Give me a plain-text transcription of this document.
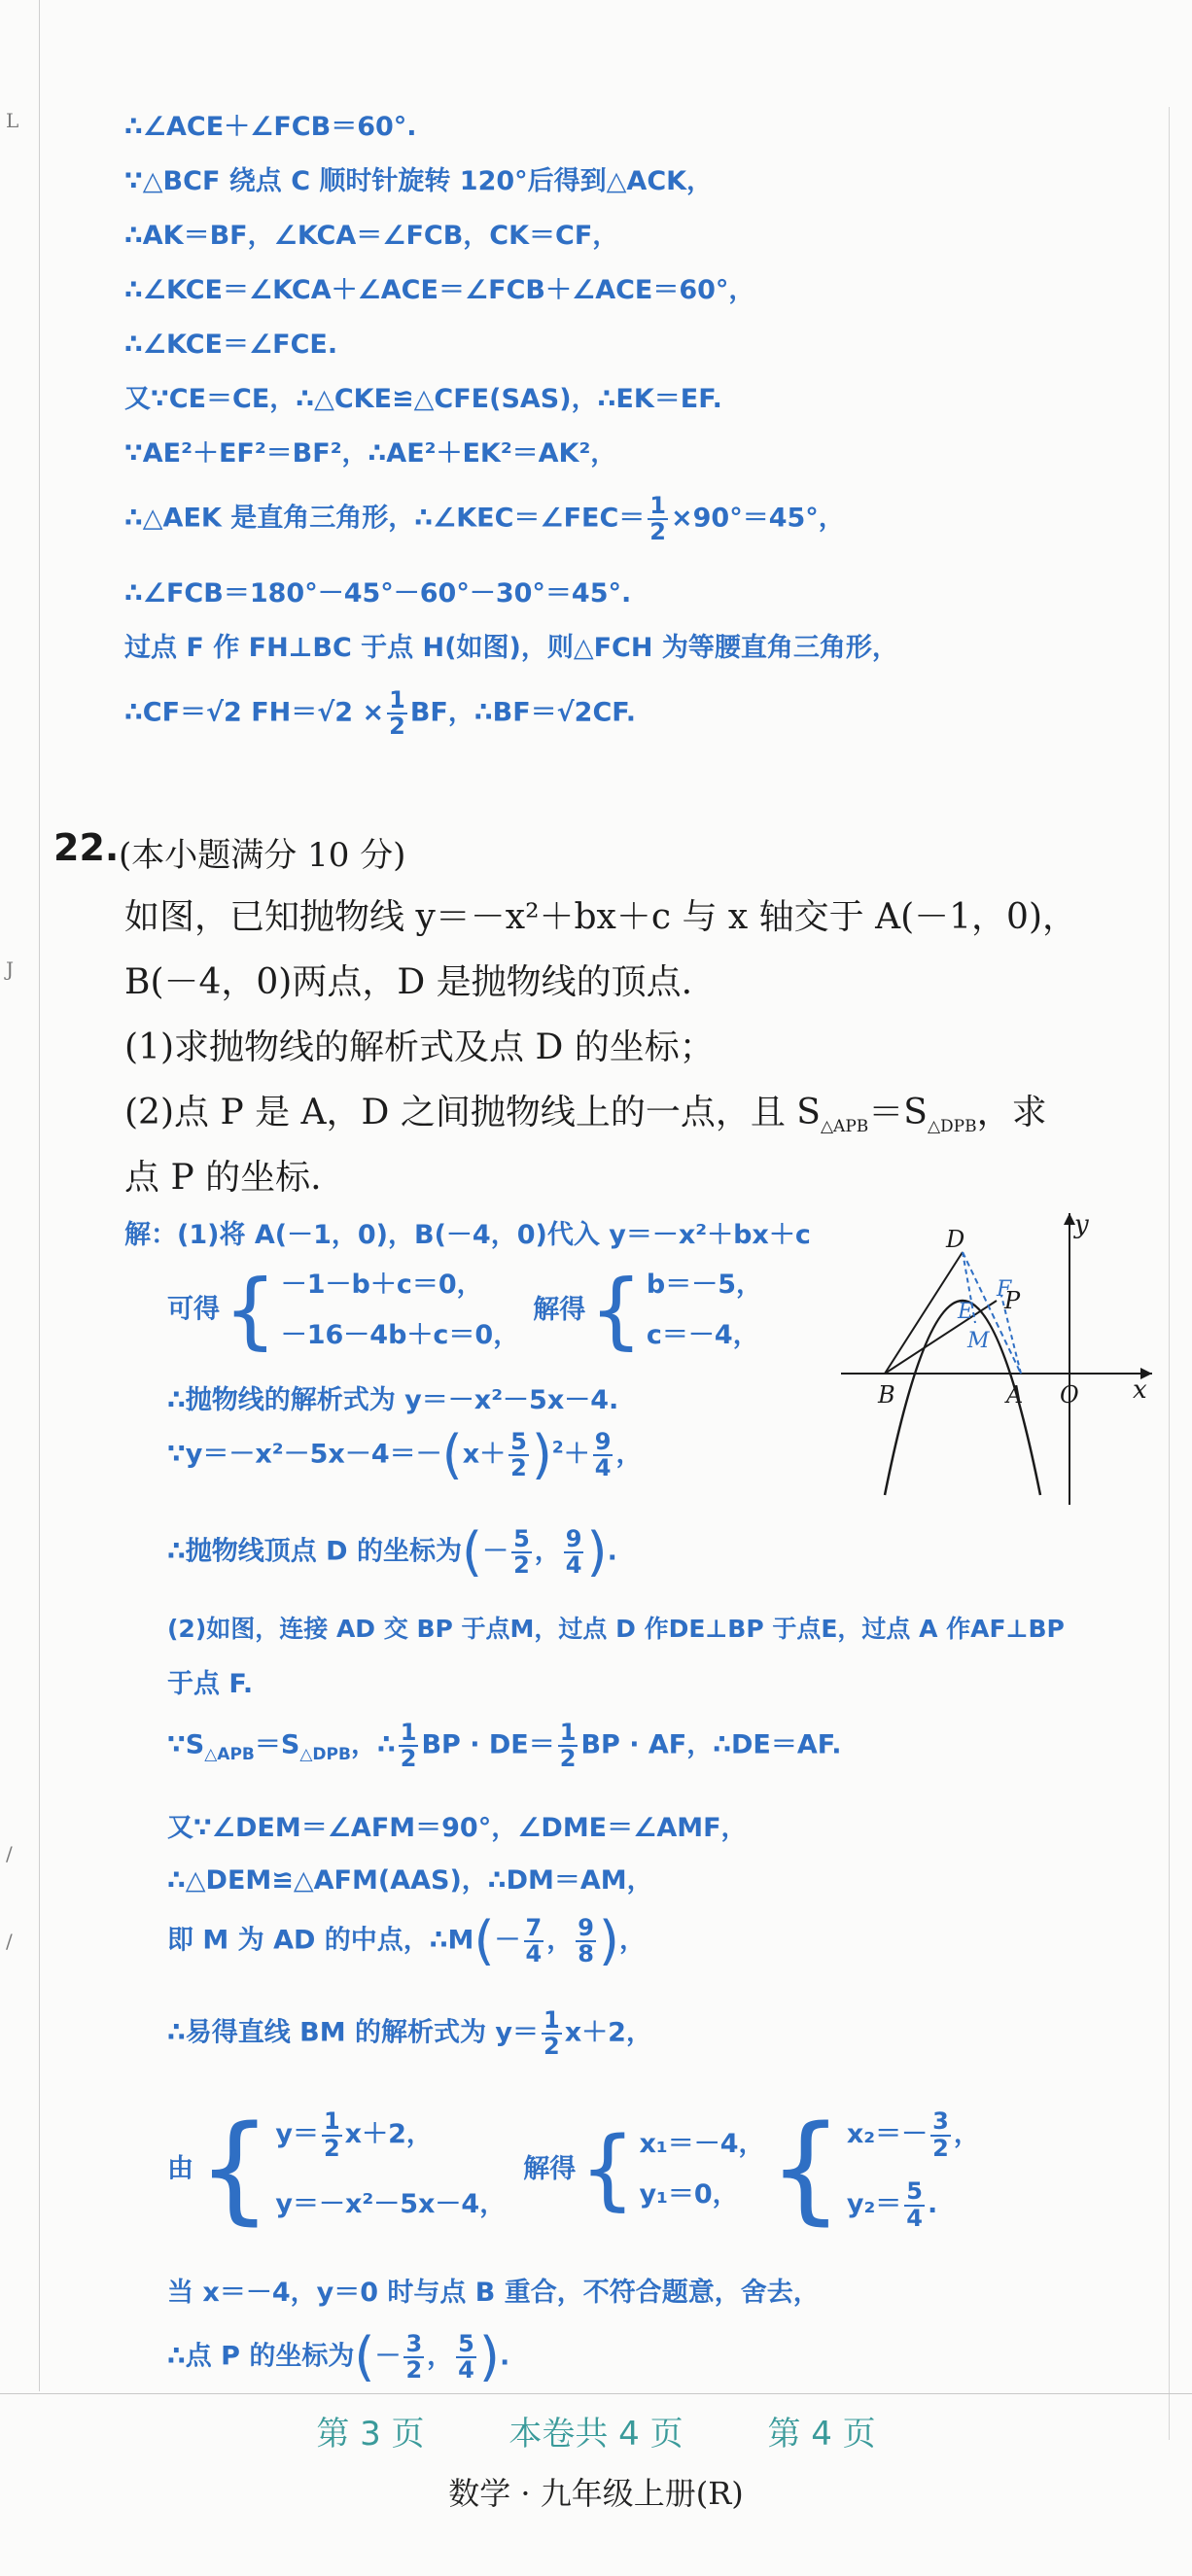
L
J
/
/
∴∠ACE＋∠FCB＝60°.
∵△BCF 绕点 C 顺时针旋转 120°后得到△ACK，
∴AK＝BF，∠KCA＝∠FCB，CK＝CF，
∴∠KCE＝∠KCA＋∠ACE＝∠FCB＋∠ACE＝60°，
∴∠KCE＝∠FCE.
又∵CE＝CE，∴△CKE≌△CFE(SAS)，∴EK＝EF.
∵AE²＋EF²＝BF²，∴AE²＋EK²＝AK²，
∴△AEK 是直角三角形，∴∠KEC＝∠FEC＝ $\frac{1}{2} \times 90^\circ=45^\circ$，
∴∠FCB＝180°－45°－60°－30°＝45°.
过点 F 作 FH⊥BC 于点 H(如图)，则△FCH 为等腰直角三角形，
∴CF＝√2 $FH=√2 \times \frac{1}{2}$ BF，∴BF＝√2CF.
22. (本小题满分 10 分)
如图，已知抛物线 y＝－x²＋bx＋c 与 x 轴交于 A(－1，0)，
B(－4，0)两点，D 是抛物线的顶点.
(1)求抛物线的解析式及点 D 的坐标；
(2)点 P 是 A，D 之间抛物线上的一点，且 $S_{\triangle APB}=S_{\triangle DPB}$，求
点 P 的坐标.
解：(1)将 A(－1，0)，B(－4，0)代入 y＝－x²＋bx＋c
可得{ －1－b＋c＝0，
－16－4b＋c＝0，
解得{ b＝－5，
c＝－4，
∴抛物线的解析式为 y＝－x²－5x－4.
∵y＝－x²－5x－4＝－(x＋ $\frac{5}{2} )^2+ \frac{9}{4}$ ，
∴抛物线顶点 D 的坐标为(－ $\frac{5}{2}$ ， $\frac{9}{4}$ ).
(2)如图，连接 AD 交 BP 于点M，过点 D 作DE⊥BP 于点E，过点 A 作AF⊥BP
于点 F.
$\because S_{\triangle APB}=S_{\triangle DPB}$，∴ $\frac{1}{2}$ BP · $DE= \frac{1}{2}$ BP · AF，∴DE＝AF.
又∵∠DEM＝∠AFM＝90°，∠DME＝∠AMF，
∴△DEM≌△AFM(AAS)，∴DM＝AM，
即 M 为 AD 的中点，∴M(－ $\frac{7}{4}$ ， $\frac{9}{8}$ )，
∴易得直线 BM 的解析式为 $y= \frac{1}{2} x+2$，
由{ $y= \frac{1}{2} x+2$，
y＝－x²－5x－4，
解得{ x₁＝－4，
y₁＝0， { $x_2=- \frac{3}{2}$ ，
$y_2= \frac{5}{4}$ .
当 x＝－4，y＝0 时与点 B 重合，不符合题意，舍去，
∴点 P 的坐标为(－ $\frac{3}{2}$ ， $\frac{5}{4}$ ).
y
x
O
A
B
D
E
F
M
P
第 3 页	本卷共 4 页	第 4 页
数学 · 九年级上册(R)
